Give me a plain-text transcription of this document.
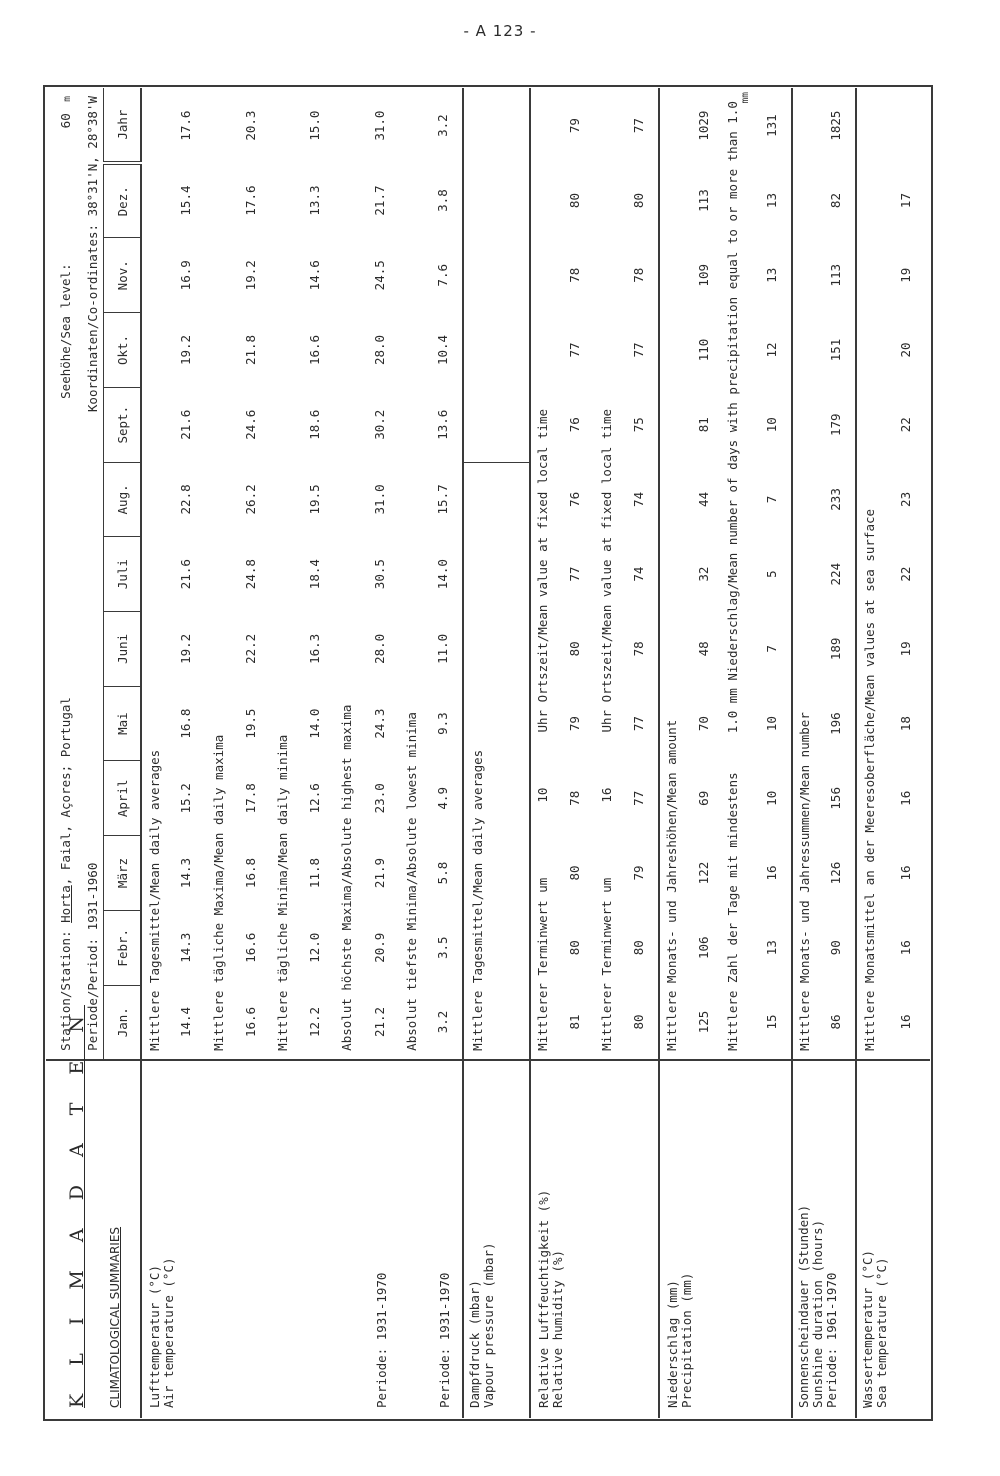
- A 123 -
K L I M A D A T E N CLIMATOLOGICAL SUMMARIES	Station/Station: Horta, Faial, Açores; Portugal
Seehöhe/Sea level:  60 m												

	Periode/Period: 1931-1960
Koordinaten/Co-ordinates: 38°31'N, 28°38'W												

	Jan.	Febr.	März	April	Mai	Juni	Juli	Aug.	Sept.	Okt.	Nov.	Dez.	Jahr

Lufttemperatur (°C) Air temperature (°C)	Mittlere Tagesmittel/Mean daily averages												
	14.4	14.3	14.3	15.2	16.8	19.2	21.6	22.8	21.6	19.2	16.9	15.4	17.6
	Mittlere tägliche Maxima/Mean daily maxima												
	16.6	16.6	16.8	17.8	19.5	22.2	24.8	26.2	24.6	21.8	19.2	17.6	20.3
	Mittlere tägliche Minima/Mean daily minima												
	12.2	12.0	11.8	12.6	14.0	16.3	18.4	19.5	18.6	16.6	14.6	13.3	15.0
Periode: 1931-1970	Absolut höchste Maxima/Absolute highest maxima												
	21.2	20.9	21.9	23.0	24.3	28.0	30.5	31.0	30.2	28.0	24.5	21.7	31.0
Periode: 1931-1970	Absolut tiefste Minima/Absolute lowest minima												
	3.2	3.5	5.8	4.9	9.3	11.0	14.0	15.7	13.6	10.4	7.6	3.8	3.2

Dampfdruck (mbar) Vapour pressure (mbar)	Mittlere Tagesmittel/Mean daily averages												

Relative Luftfeuchtigkeit (%) Relative humidity (%)	Mittlerer Terminwert um  10  Uhr Ortszeit/Mean value at fixed local time												
	81	80	80	78	79	80	77	76	76	77	78	80	79
	Mittlerer Terminwert um  16  Uhr Ortszeit/Mean value at fixed local time												
	80	80	79	77	77	78	74	74	75	77	78	80	77

Niederschlag (mm) Precipitation (mm)	Mittlere Monats- und Jahreshöhen/Mean amount												
	125	106	122	69	70	48	32	44	81	110	109	113	1029
	Mittlere Zahl der Tage mit mindestens  1.0 mm Niederschlag/Mean number of days with precipitation equal to or more than 1.0
mm												

	15	13	16	10	10	7	5	7	10	12	13	13	131

Sonnenscheindauer (Stunden) Sunshine duration (hours) Periode: 1961-1970	Mittlere Monats- und Jahressummen/Mean number												
	86	90	126	156	196	189	224	233	179	151	113	82	1825

Wassertemperatur (°C) Sea temperature (°C)	Mittlere Monatsmittel an der Meeresoberfläche/Mean values at sea surface												
	16	16	16	16	18	19	22	23	22	20	19	17	
